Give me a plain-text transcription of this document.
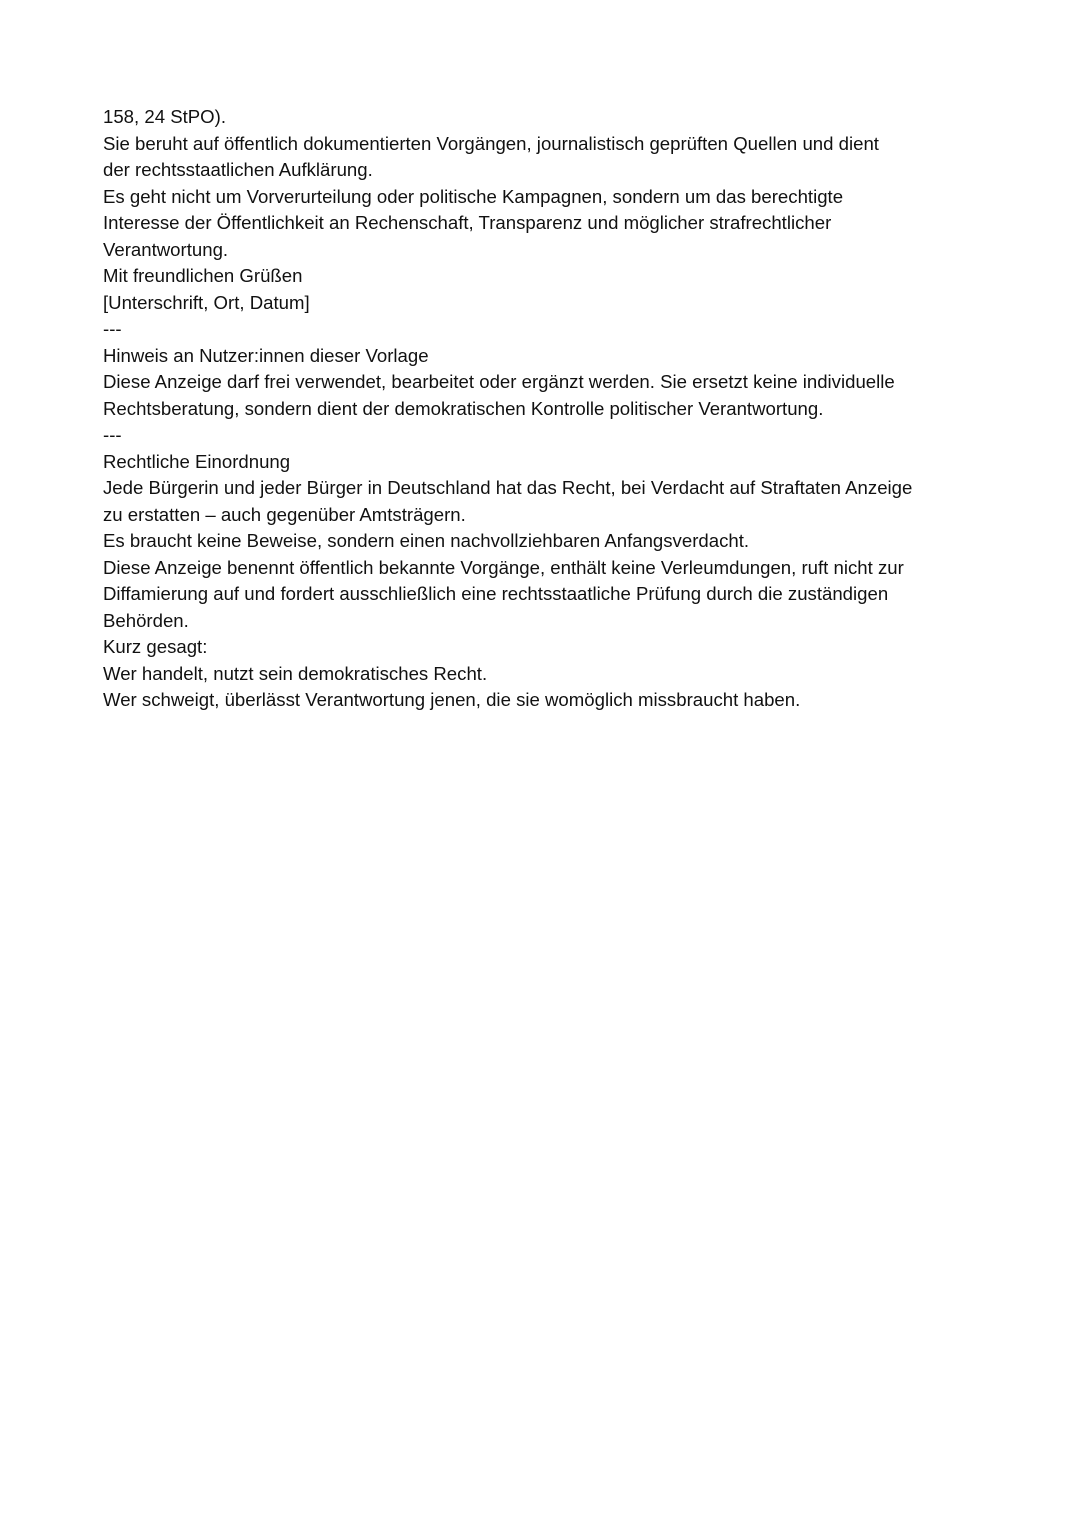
158, 24 StPO).

Sie beruht auf öffentlich dokumentierten Vorgängen, journalistisch geprüften Quellen und dient

der rechtsstaatlichen Aufklärung.

Es geht nicht um Vorverurteilung oder politische Kampagnen, sondern um das berechtigte

Interesse der Öffentlichkeit an Rechenschaft, Transparenz und möglicher strafrechtlicher

Verantwortung.

Mit freundlichen Grüßen

[Unterschrift, Ort, Datum]

---

Hinweis an Nutzer:innen dieser Vorlage

Diese Anzeige darf frei verwendet, bearbeitet oder ergänzt werden. Sie ersetzt keine individuelle

Rechtsberatung, sondern dient der demokratischen Kontrolle politischer Verantwortung.

---

Rechtliche Einordnung

Jede Bürgerin und jeder Bürger in Deutschland hat das Recht, bei Verdacht auf Straftaten Anzeige

zu erstatten – auch gegenüber Amtsträgern.

Es braucht keine Beweise, sondern einen nachvollziehbaren Anfangsverdacht.

Diese Anzeige benennt öffentlich bekannte Vorgänge, enthält keine Verleumdungen, ruft nicht zur

Diffamierung auf und fordert ausschließlich eine rechtsstaatliche Prüfung durch die zuständigen

Behörden.

Kurz gesagt:

Wer handelt, nutzt sein demokratisches Recht.

Wer schweigt, überlässt Verantwortung jenen, die sie womöglich missbraucht haben.
